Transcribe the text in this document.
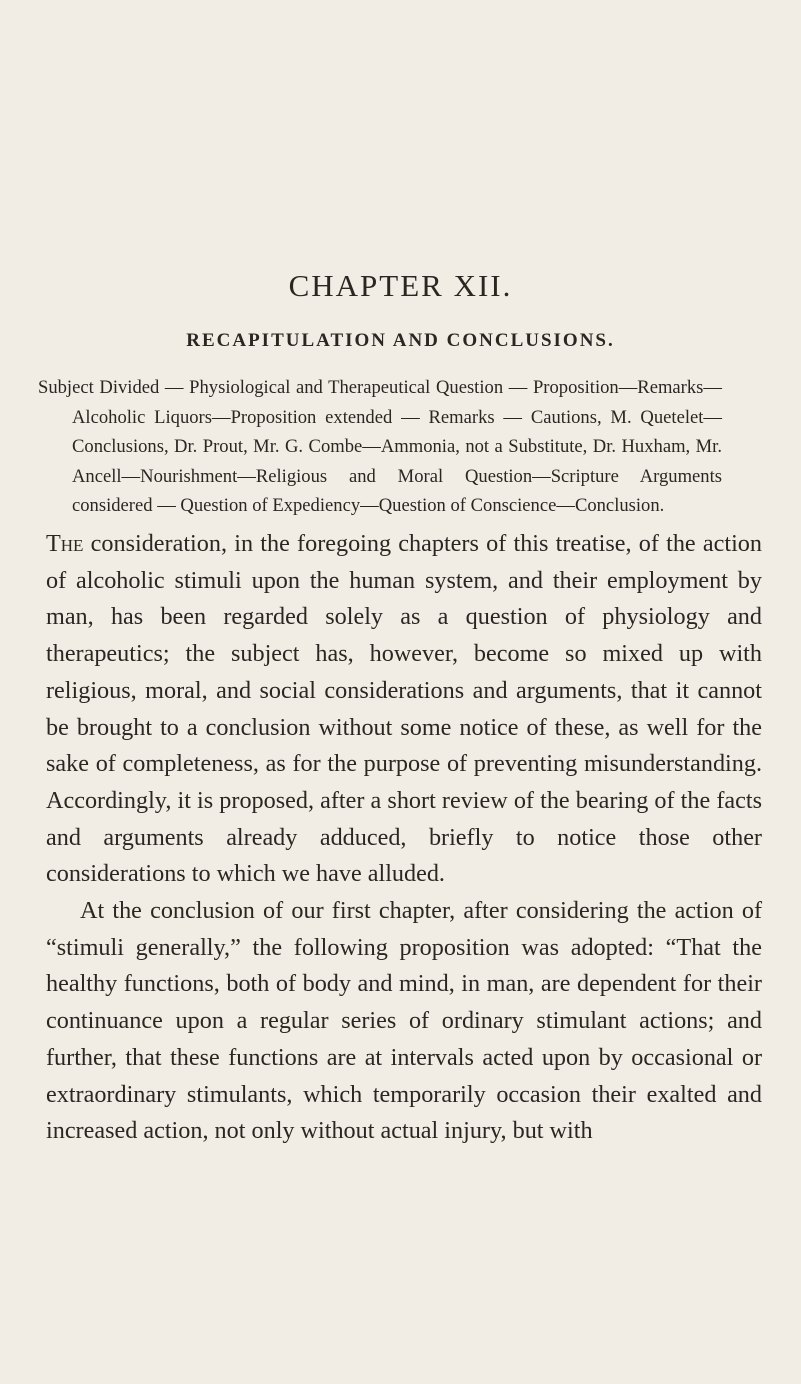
CHAPTER XII.
RECAPITULATION AND CONCLUSIONS.

Subject Divided — Physiological and Therapeutical Question — Proposition—Remarks—Alcoholic Liquors—Proposition extended — Remarks — Cautions, M. Quetelet—Conclusions, Dr. Prout, Mr. G. Combe—Ammonia, not a Substitute, Dr. Huxham, Mr. Ancell—Nourishment—Religious and Moral Question—Scripture Arguments considered — Question of Expediency—Question of Conscience—Conclusion.

The consideration, in the foregoing chapters of this treatise, of the action of alcoholic stimuli upon the human system, and their employment by man, has been regarded solely as a question of physiology and therapeutics; the subject has, however, become so mixed up with religious, moral, and social considerations and arguments, that it cannot be brought to a conclusion without some notice of these, as well for the sake of completeness, as for the purpose of preventing misunderstanding. Accordingly, it is proposed, after a short review of the bearing of the facts and arguments already adduced, briefly to notice those other considerations to which we have alluded.

At the conclusion of our first chapter, after considering the action of “stimuli generally,” the following proposition was adopted: “That the healthy functions, both of body and mind, in man, are dependent for their continuance upon a regular series of ordinary stimulant actions; and further, that these functions are at intervals acted upon by occasional or extraordinary stimulants, which temporarily occasion their exalted and increased action, not only without actual injury, but with
